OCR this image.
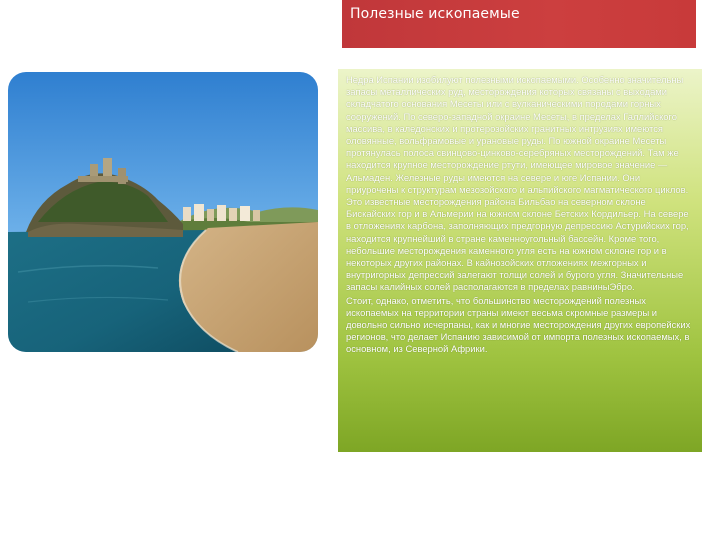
Полезные ископаемые

Недра Испании изобилуют полезными ископаемыми. Особенно значительны запасы металлических руд, месторождения которых связаны с выходами складчатого основания Месеты или с вулканическими породами горных сооружений. По северо-западной окраине Месеты, в пределах Галлийского массива, в каледонских и протерозойских гранитных интрузиях имеются оловянные, вольфрамовые и урановые руды. По южной окраине Месеты протянулась полоса свинцово-цинково-серебряных месторождений. Там же находится крупное месторождение ртути, имеющее мировое значение — Альмаден. Железные руды имеются на севере и юге Испании. Они приурочены к структурам мезозойского и альпийского магматического циклов. Это известные месторождения района Бильбао на северном склоне Бискайских гор и в Альмерии на южном склоне Бетских Кордильер. На севере в отложениях карбона, заполняющих предгорную депрессию Астурийских гор, находится крупнейший в стране каменноугольный бассейн. Кроме того, небольшие месторождения каменного угля есть на южном склоне гор и в некоторых других районах. В кайнозойских отложениях межгорных и внутригорных депрессий залегают толщи солей и бурого угля. Значительные запасы калийных солей располагаются в пределах равниныЭбро.

Стоит, однако, отметить, что большинство месторождений полезных ископаемых на территории страны имеют весьма скромные размеры и довольно сильно исчерпаны, как и многие месторождения других европейских регионов, что делает Испанию зависимой от импорта полезных ископаемых, в основном, из Северной Африки.
